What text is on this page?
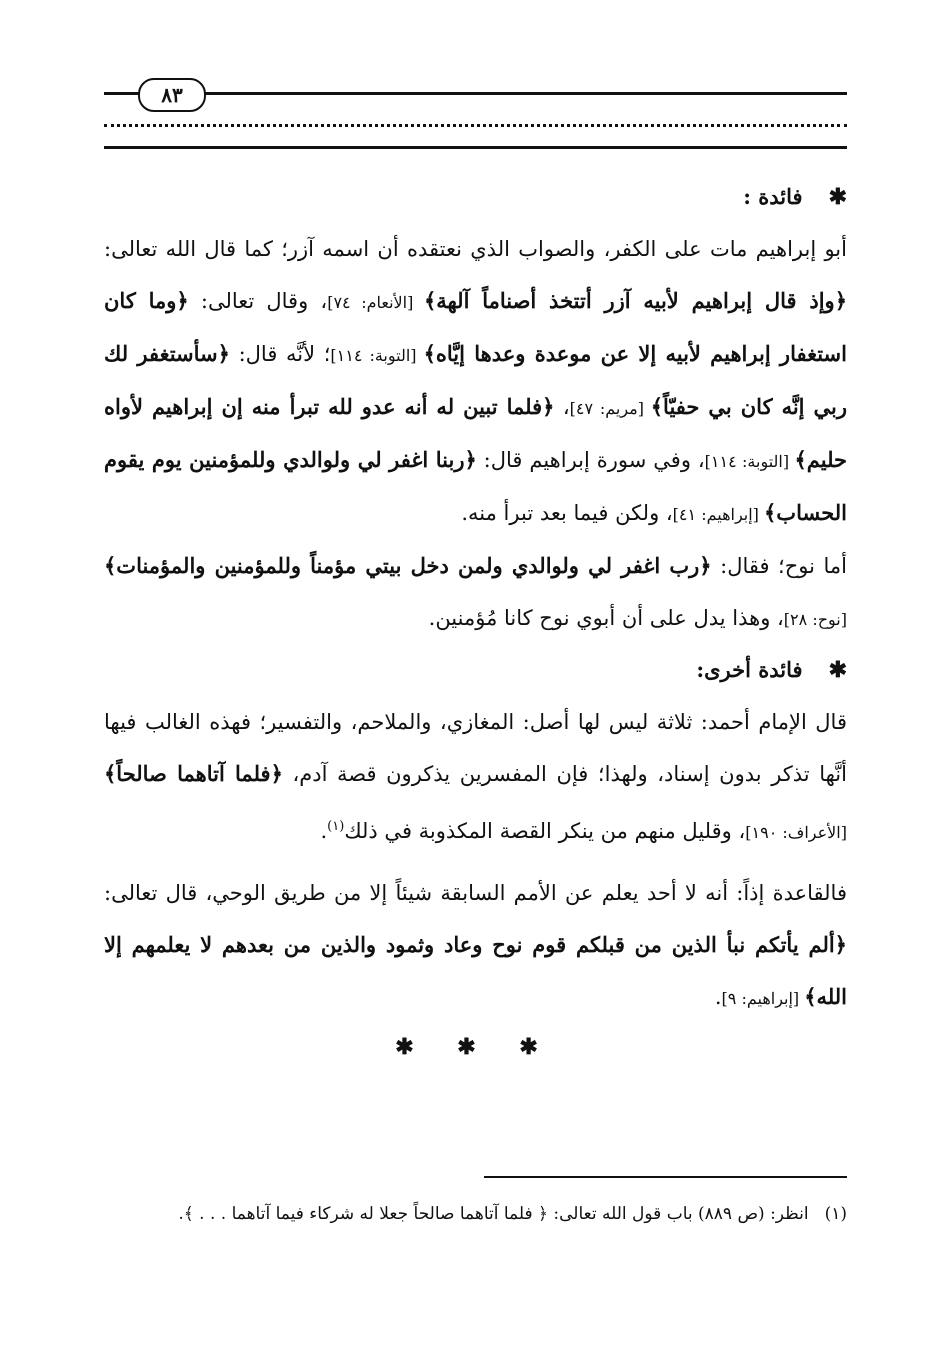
٨٣

✱فائدة :

أبو إبراهيم مات على الكفر، والصواب الذي نعتقده أن اسمه آزر؛ كما قال الله تعالى: ﴿وإذ قال إبراهيم لأبيه آزر أتتخذ أصناماً آلهة﴾ [الأنعام: ٧٤]، وقال تعالى: ﴿وما كان استغفار إبراهيم لأبيه إلا عن موعدة وعدها إيَّاه﴾ [التوبة: ١١٤]؛ لأنَّه قال: ﴿سأستغفر لك ربي إنَّه كان بي حفيّاً﴾ [مريم: ٤٧]، ﴿فلما تبين له أنه عدو لله تبرأ منه إن إبراهيم لأواه حليم﴾ [التوبة: ١١٤]، وفي سورة إبراهيم قال: ﴿ربنا اغفر لي ولوالدي وللمؤمنين يوم يقوم الحساب﴾ [إبراهيم: ٤١]، ولكن فيما بعد تبرأ منه.

أما نوح؛ فقال: ﴿رب اغفر لي ولوالدي ولمن دخل بيتي مؤمناً وللمؤمنين والمؤمنات﴾ [نوح: ٢٨]، وهذا يدل على أن أبوي نوح كانا مُؤمنين.

✱فائدة أخرى:

قال الإمام أحمد: ثلاثة ليس لها أصل: المغازي، والملاحم، والتفسير؛ فهذه الغالب فيها أنَّها تذكر بدون إسناد، ولهذا؛ فإن المفسرين يذكرون قصة آدم، ﴿فلما آتاهما صالحاً﴾ [الأعراف: ١٩٠]، وقليل منهم من ينكر القصة المكذوبة في ذلك$^{(١)}$.

فالقاعدة إذاً: أنه لا أحد يعلم عن الأمم السابقة شيئاً إلا من طريق الوحي، قال تعالى: ﴿ألم يأتكم نبأ الذين من قبلكم قوم نوح وعاد وثمود والذين من بعدهم لا يعلمهم إلا الله﴾ [إبراهيم: ٩].

✱ ✱ ✱
(١)انظر: (ص ٨٨٩) باب قول الله تعالى: ﴿ فلما آتاهما صالحاً جعلا له شركاء فيما آتاهما . . . ﴾.
